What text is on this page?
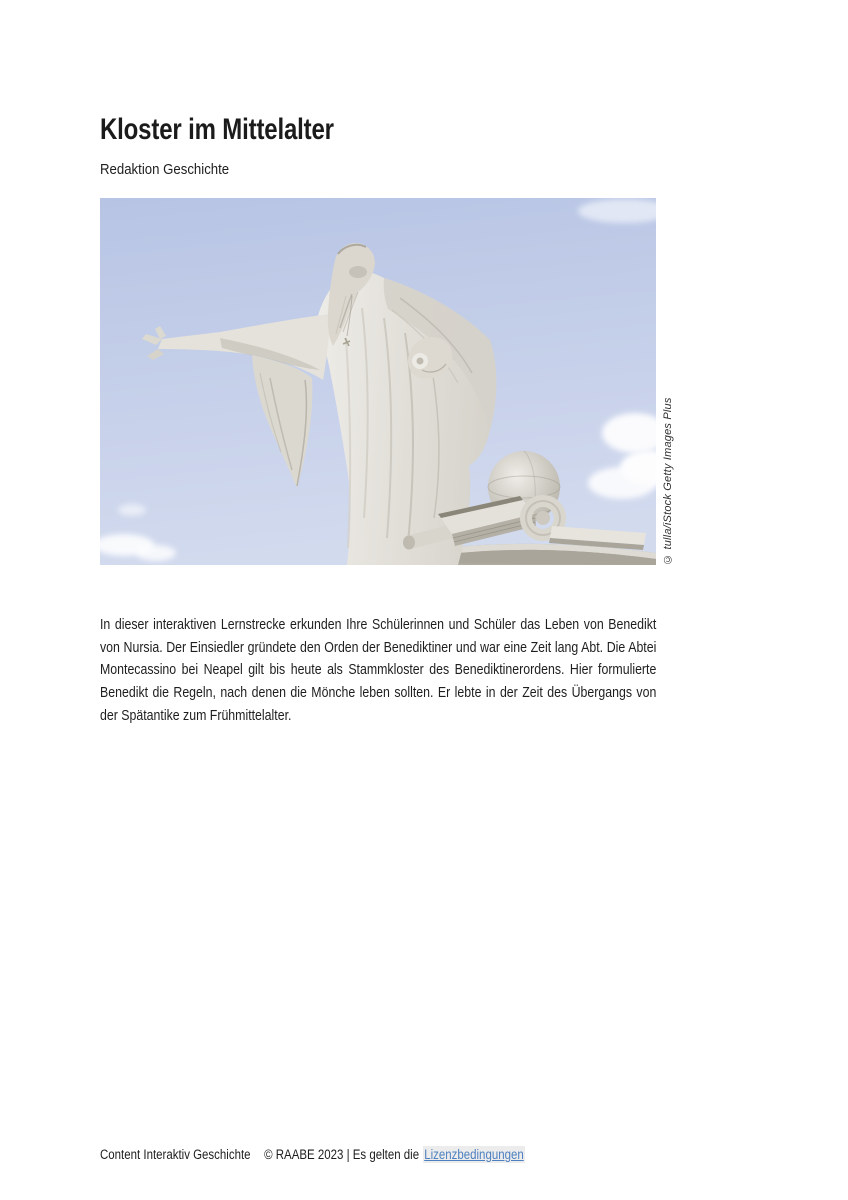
Kloster im Mittelalter
Redaktion Geschichte
© tulla/iStock Getty Images Plus

In dieser interaktiven Lernstrecke erkunden Ihre Schülerinnen und Schüler das Leben von Benedikt von Nursia. Der Einsiedler gründete den Orden der Benediktiner und war eine Zeit lang Abt. Die Abtei Montecassino bei Neapel gilt bis heute als Stammkloster des Benediktinerordens. Hier formulierte Benedikt die Regeln, nach denen die Mönche leben sollten. Er lebte in der Zeit des Übergangs von der Spätantike zum Frühmittelalter.

Content Interaktiv Geschichte © RAABE 2023 | Es gelten die Lizenzbedingungen
